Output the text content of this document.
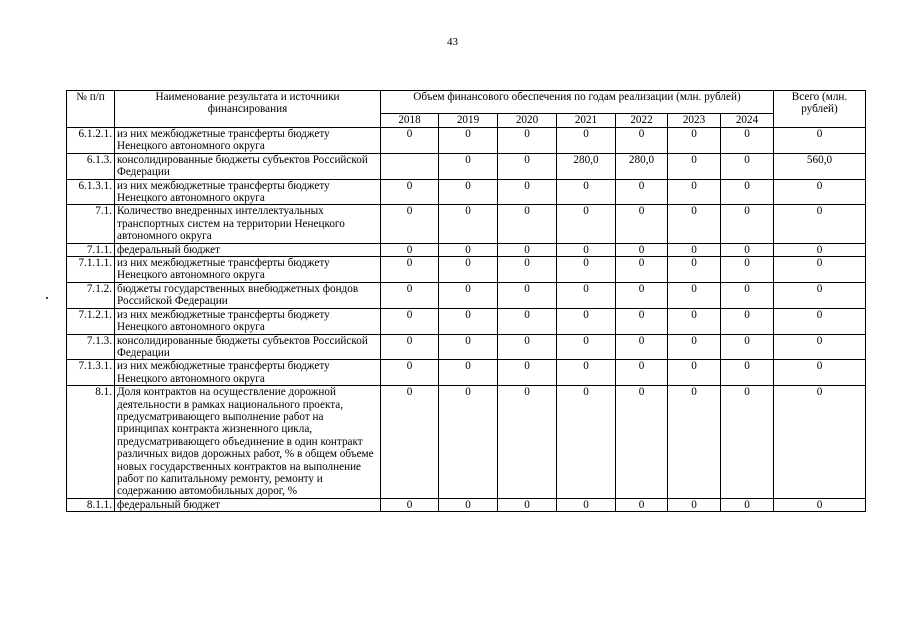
43
№ п/п	Наименование результата и источники финансирования	Объем финансового обеспечения по годам реализации (млн. рублей)							Всего (млн. рублей)
		2018	2019	2020	2021	2022	2023	2024	
6.1.2.1.	из них межбюджетные трансферты бюджету Ненецкого автономного округа	0	0	0	0	0	0	0	0
6.1.3.	консолидированные бюджеты субъектов Российской Федерации		0	0	280,0	280,0	0	0	560,0
6.1.3.1.	из них межбюджетные трансферты бюджету Ненецкого автономного округа	0	0	0	0	0	0	0	0
7.1.	Количество внедренных интеллектуальных транспортных систем на территории Ненецкого автономного округа	0	0	0	0	0	0	0	0
7.1.1.	федеральный бюджет	0	0	0	0	0	0	0	0
7.1.1.1.	из них межбюджетные трансферты бюджету Ненецкого автономного округа	0	0	0	0	0	0	0	0
7.1.2.	бюджеты государственных внебюджетных фондов Российской Федерации	0	0	0	0	0	0	0	0
7.1.2.1.	из них межбюджетные трансферты бюджету Ненецкого автономного округа	0	0	0	0	0	0	0	0
7.1.3.	консолидированные бюджеты субъектов Российской Федерации	0	0	0	0	0	0	0	0
7.1.3.1.	из них межбюджетные трансферты бюджету Ненецкого автономного округа	0	0	0	0	0	0	0	0
8.1.	Доля контрактов на осуществление дорожной деятельности в рамках национального проекта, предусматривающего выполнение работ на принципах контракта жизненного цикла, предусматривающего объединение в один контракт различных видов дорожных работ, % в общем объеме новых государственных контрактов на выполнение работ по капитальному ремонту, ремонту и содержанию автомобильных дорог, %	0	0	0	0	0	0	0	0
8.1.1.	федеральный бюджет	0	0	0	0	0	0	0	0
